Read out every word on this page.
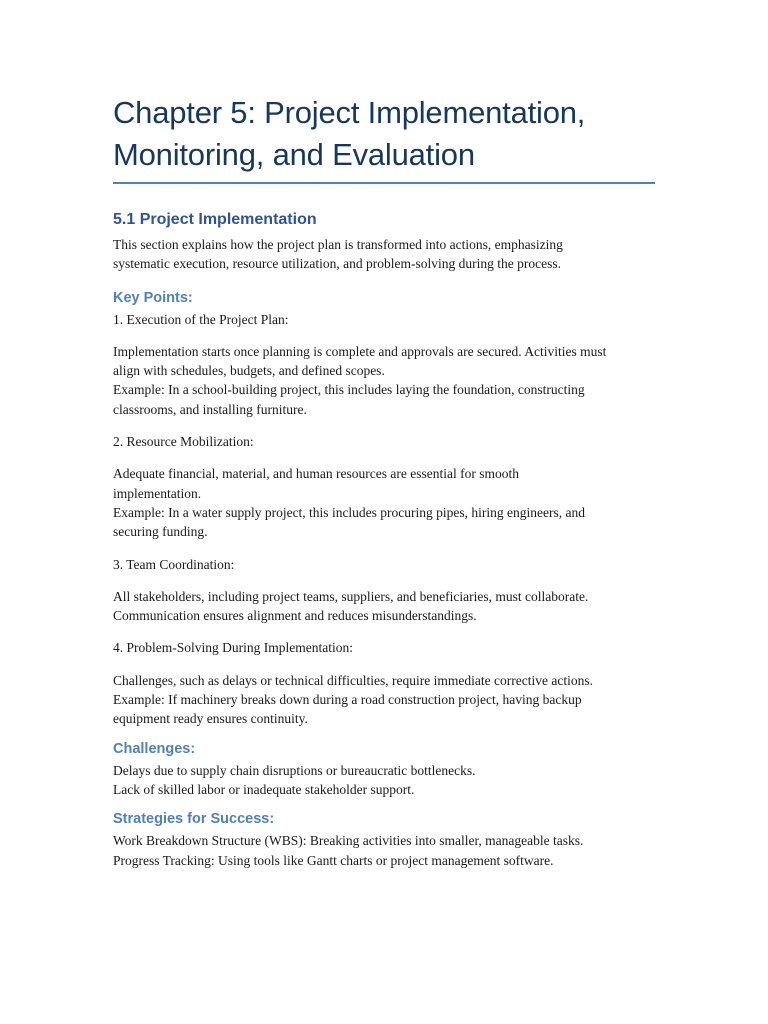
Chapter 5: Project Implementation,
Monitoring, and Evaluation
5.1 Project Implementation

This section explains how the project plan is transformed into actions, emphasizing
systematic execution, resource utilization, and problem-solving during the process.

Key Points:

1. Execution of the Project Plan:

Implementation starts once planning is complete and approvals are secured. Activities must
align with schedules, budgets, and defined scopes.
Example: In a school-building project, this includes laying the foundation, constructing
classrooms, and installing furniture.

2. Resource Mobilization:

Adequate financial, material, and human resources are essential for smooth
implementation.
Example: In a water supply project, this includes procuring pipes, hiring engineers, and
securing funding.

3. Team Coordination:

All stakeholders, including project teams, suppliers, and beneficiaries, must collaborate.
Communication ensures alignment and reduces misunderstandings.

4. Problem-Solving During Implementation:

Challenges, such as delays or technical difficulties, require immediate corrective actions.
Example: If machinery breaks down during a road construction project, having backup
equipment ready ensures continuity.

Challenges:

Delays due to supply chain disruptions or bureaucratic bottlenecks.
Lack of skilled labor or inadequate stakeholder support.

Strategies for Success:

Work Breakdown Structure (WBS): Breaking activities into smaller, manageable tasks.
Progress Tracking: Using tools like Gantt charts or project management software.
